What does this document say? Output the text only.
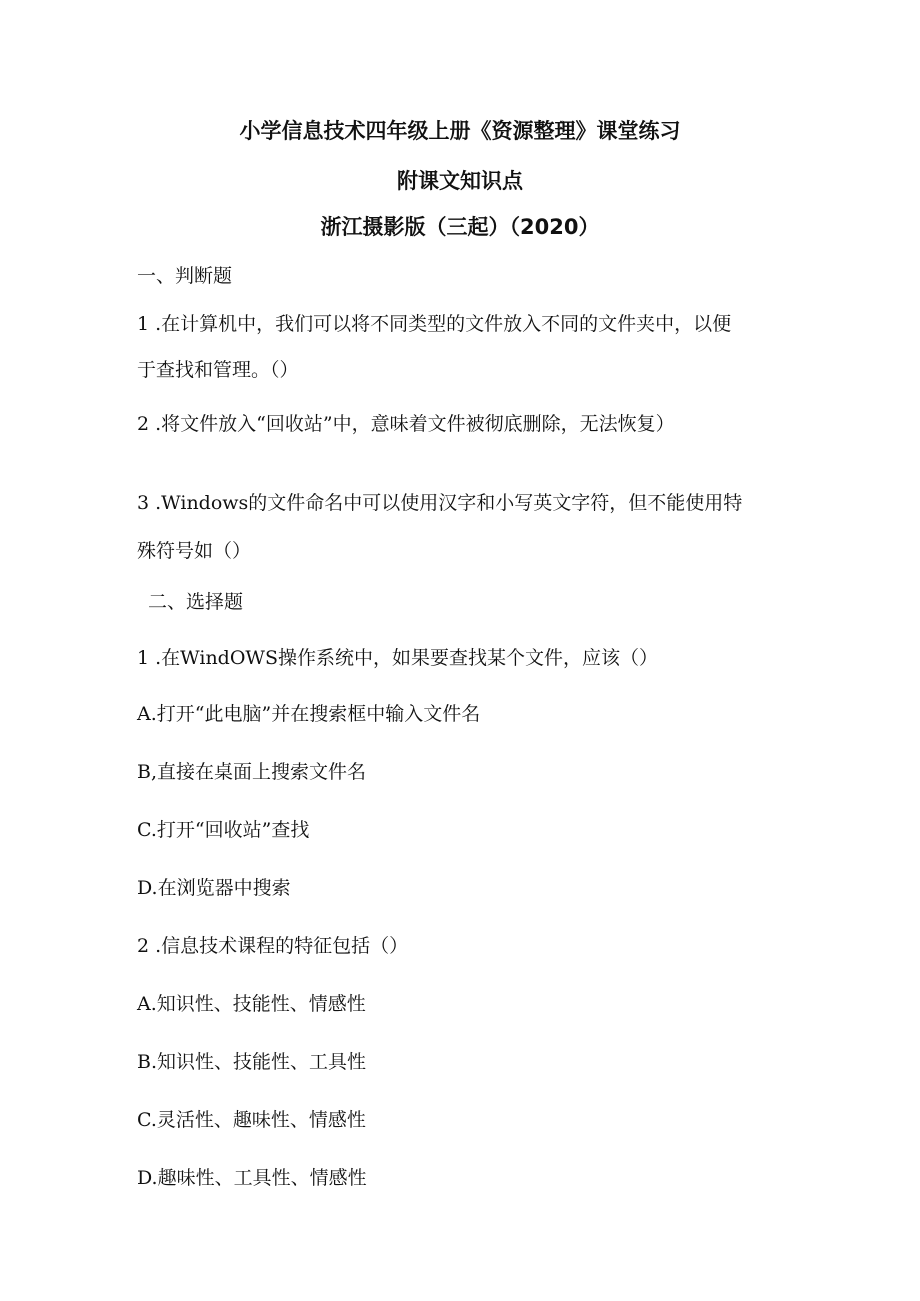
小学信息技术四年级上册《资源整理》课堂练习
附课文知识点
浙江摄影版（三起）（2020）
一、判断题
1 .在计算机中，我们可以将不同类型的文件放入不同的文件夹中，以便
于查找和管理。（）
2 .将文件放入“回收站”中，意味着文件被彻底删除，无法恢复）
3 .Windows的文件命名中可以使用汉字和小写英文字符，但不能使用特
殊符号如（）
二、选择题
1 .在WindOWS操作系统中，如果要查找某个文件，应该（）
A.打开“此电脑”并在搜索框中输入文件名
B,直接在桌面上搜索文件名
C.打开“回收站”查找
D.在浏览器中搜索
2 .信息技术课程的特征包括（）
A.知识性、技能性、情感性
B.知识性、技能性、工具性
C.灵活性、趣味性、情感性
D.趣味性、工具性、情感性
